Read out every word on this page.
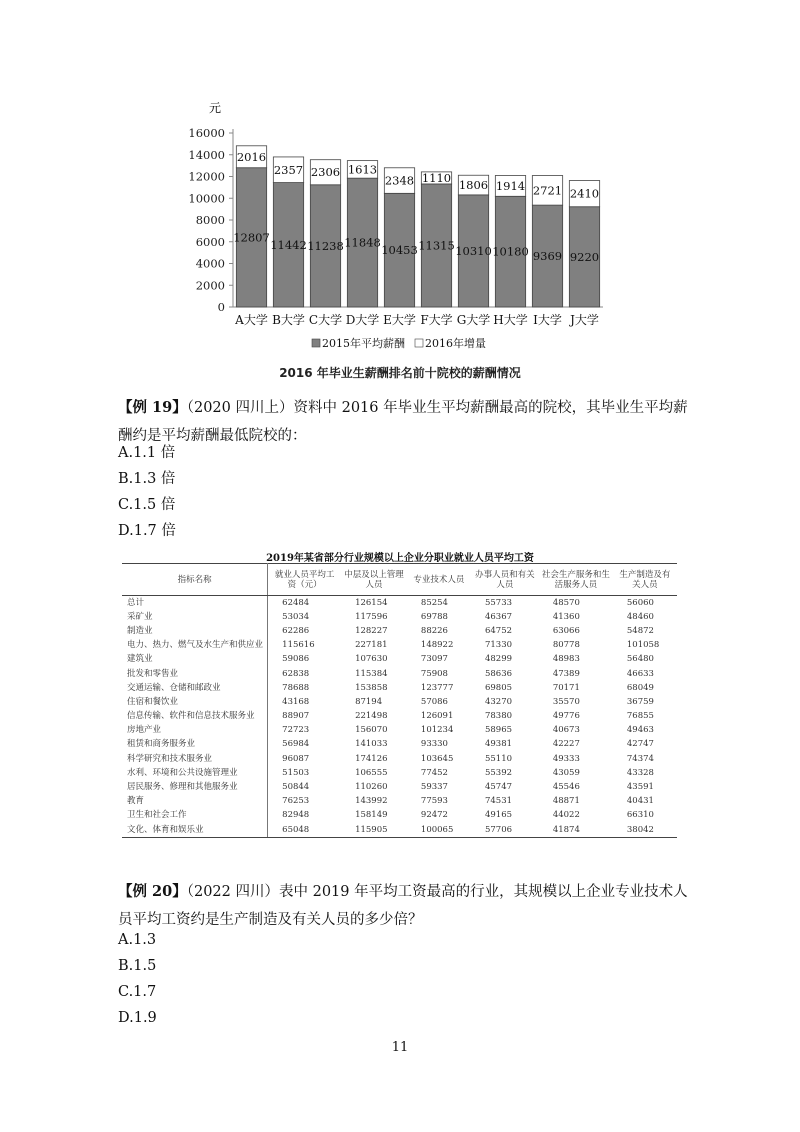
元
0
2000
4000
6000
8000
10000
12000
14000
16000
12807
2016
A大学
11442
2357
B大学
11238
2306
C大学
11848
1613
D大学
10453
2348
E大学
11315
1110
F大学
10310
1806
G大学
10180
1914
H大学
9369
2721
I大学
9220
2410
J大学
2015年平均薪酬 2016年增量
2016 年毕业生薪酬排名前十院校的薪酬情况
【例 19】（2020 四川上）资料中 2016 年毕业生平均薪酬最高的院校，其毕业生平均薪酬约是平均薪酬最低院校的：
A.1.1 倍
B.1.3 倍
C.1.5 倍
D.1.7 倍
2019年某省部分行业规模以上企业分职业就业人员平均工资
指标名称	就业人员平均工资（元）	中层及以上管理人员	专业技术人员	办事人员和有关人员	社会生产服务和生活服务人员	生产制造及有关人员
总计	62484	126154	85254	55733	48570	56060
采矿业	53034	117596	69788	46367	41360	48460
制造业	62286	128227	88226	64752	63066	54872
电力、热力、燃气及水生产和供应业	115616	227181	148922	71330	80778	101058
建筑业	59086	107630	73097	48299	48983	56480
批发和零售业	62838	115384	75908	58636	47389	46633
交通运输、仓储和邮政业	78688	153858	123777	69805	70171	68049
住宿和餐饮业	43168	87194	57086	43270	35570	36759
信息传输、软件和信息技术服务业	88907	221498	126091	78380	49776	76855
房地产业	72723	156070	101234	58965	40673	49463
租赁和商务服务业	56984	141033	93330	49381	42227	42747
科学研究和技术服务业	96087	174126	103645	55110	49333	74374
水利、环境和公共设施管理业	51503	106555	77452	55392	43059	43328
居民服务、修理和其他服务业	50844	110260	59337	45747	45546	43591
教育	76253	143992	77593	74531	48871	40431
卫生和社会工作	82948	158149	92472	49165	44022	66310
文化、体育和娱乐业	65048	115905	100065	57706	41874	38042
【例 20】（2022 四川）表中 2019 年平均工资最高的行业，其规模以上企业专业技术人员平均工资约是生产制造及有关人员的多少倍？
A.1.3
B.1.5
C.1.7
D.1.9
11
